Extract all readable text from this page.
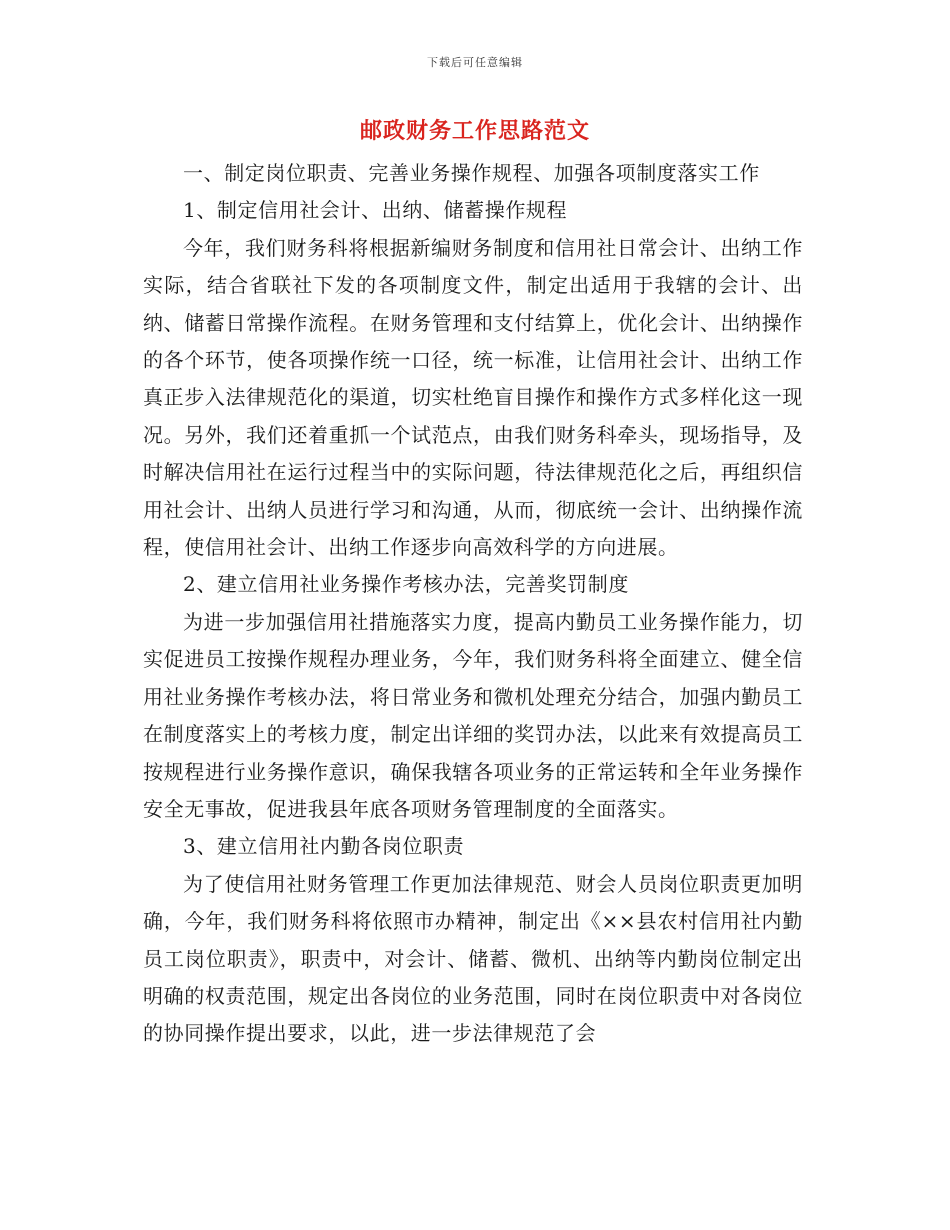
下载后可任意编辑
邮政财务工作思路范文

一、制定岗位职责、完善业务操作规程、加强各项制度落实工作

1、制定信用社会计、出纳、储蓄操作规程

今年，我们财务科将根据新编财务制度和信用社日常会计、出纳工作实际，结合省联社下发的各项制度文件，制定出适用于我辖的会计、出纳、储蓄日常操作流程。在财务管理和支付结算上，优化会计、出纳操作的各个环节，使各项操作统一口径，统一标准，让信用社会计、出纳工作真正步入法律规范化的渠道，切实杜绝盲目操作和操作方式多样化这一现况。另外，我们还着重抓一个试范点，由我们财务科牵头，现场指导，及时解决信用社在运行过程当中的实际问题，待法律规范化之后，再组织信用社会计、出纳人员进行学习和沟通，从而，彻底统一会计、出纳操作流程，使信用社会计、出纳工作逐步向高效科学的方向进展。

2、建立信用社业务操作考核办法，完善奖罚制度

为进一步加强信用社措施落实力度，提高内勤员工业务操作能力，切实促进员工按操作规程办理业务，今年，我们财务科将全面建立、健全信用社业务操作考核办法，将日常业务和微机处理充分结合，加强内勤员工在制度落实上的考核力度，制定出详细的奖罚办法，以此来有效提高员工按规程进行业务操作意识，确保我辖各项业务的正常运转和全年业务操作安全无事故，促进我县年底各项财务管理制度的全面落实。

3、建立信用社内勤各岗位职责

为了使信用社财务管理工作更加法律规范、财会人员岗位职责更加明确，今年，我们财务科将依照市办精神，制定出《××县农村信用社内勤员工岗位职责》，职责中，对会计、储蓄、微机、出纳等内勤岗位制定出明确的权责范围，规定出各岗位的业务范围，同时在岗位职责中对各岗位的协同操作提出要求，以此，进一步法律规范了会
